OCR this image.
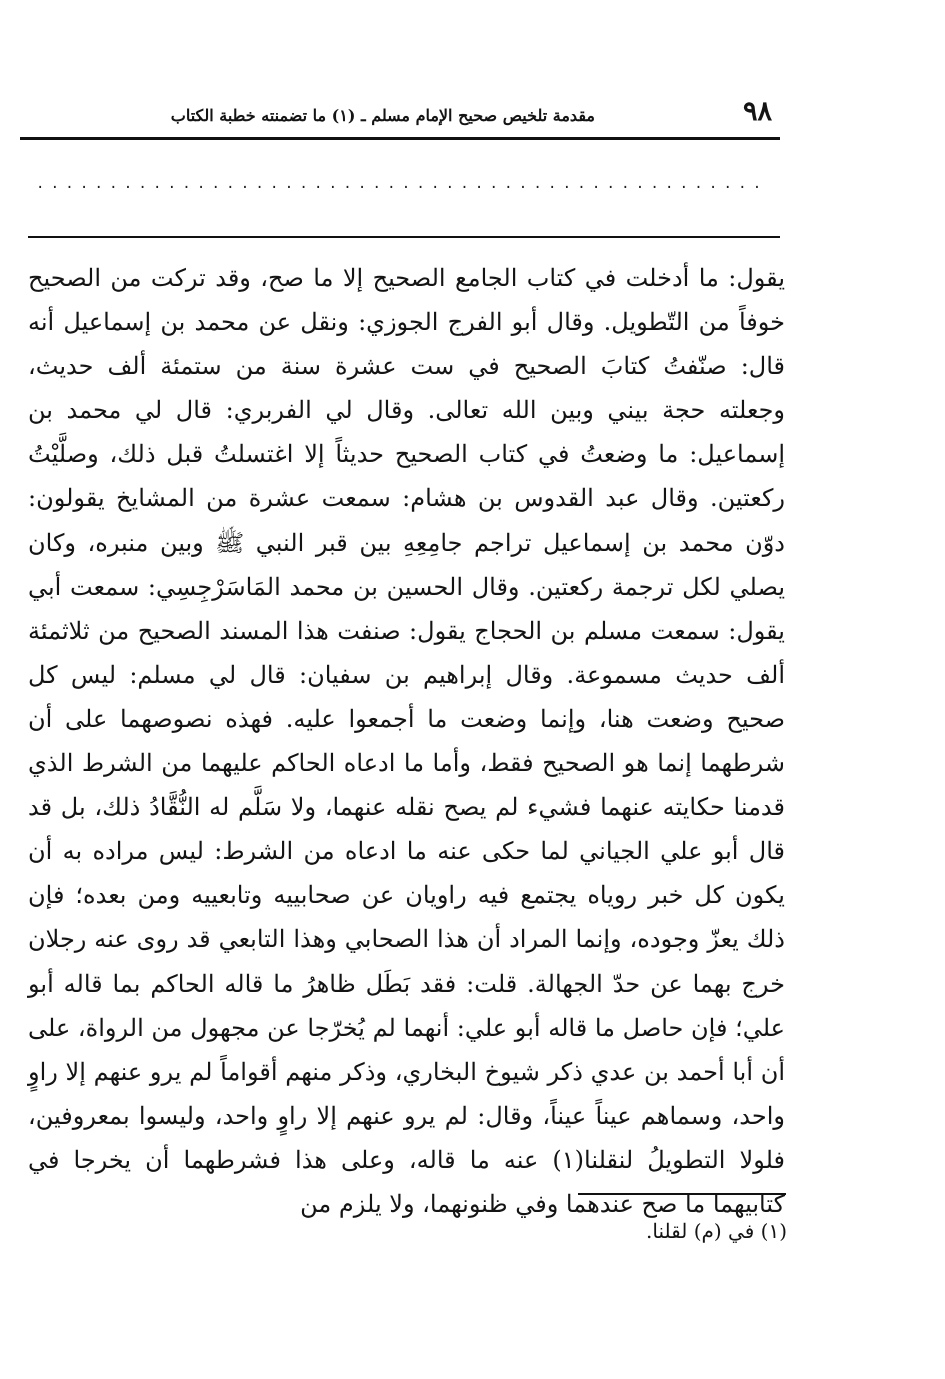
٩٨
مقدمة تلخيص صحيح الإمام مسلم ـ (١) ما تضمنته خطبة الكتاب
..................................................
يقول: ما أدخلت في كتاب الجامع الصحيح إلا ما صح، وقد تركت من الصحيح خوفاً من التّطويل. وقال أبو الفرج الجوزي: ونقل عن محمد بن إسماعيل أنه قال: صنّفتُ كتابَ الصحيح في ست عشرة سنة من ستمئة ألف حديث، وجعلته حجة بيني وبين الله تعالى. وقال لي الفربري: قال لي محمد بن إسماعيل: ما وضعتُ في كتاب الصحيح حديثاً إلا اغتسلتُ قبل ذلك، وصلَّيْتُ ركعتين. وقال عبد القدوس بن هشام: سمعت عشرة من المشايخ يقولون: دوّن محمد بن إسماعيل تراجم جامِعِهِ بين قبر النبي ﷺ وبين منبره، وكان يصلي لكل ترجمة ركعتين. وقال الحسين بن محمد المَاسَرْجِسِي: سمعت أبي يقول: سمعت مسلم بن الحجاج يقول: صنفت هذا المسند الصحيح من ثلاثمئة ألف حديث مسموعة. وقال إبراهيم بن سفيان: قال لي مسلم: ليس كل صحيح وضعت هنا، وإنما وضعت ما أجمعوا عليه. فهذه نصوصهما على أن شرطهما إنما هو الصحيح فقط، وأما ما ادعاه الحاكم عليهما من الشرط الذي قدمنا حكايته عنهما فشيء لم يصح نقله عنهما، ولا سَلَّم له النُّقَّادُ ذلك، بل قد قال أبو علي الجياني لما حكى عنه ما ادعاه من الشرط: ليس مراده به أن يكون كل خبر روياه يجتمع فيه راويان عن صحابييه وتابعييه ومن بعده؛ فإن ذلك يعزّ وجوده، وإنما المراد أن هذا الصحابي وهذا التابعي قد روى عنه رجلان خرج بهما عن حدّ الجهالة. قلت: فقد بَطَل ظاهرُ ما قاله الحاكم بما قاله أبو علي؛ فإن حاصل ما قاله أبو علي: أنهما لم يُخرّجا عن مجهول من الرواة، على أن أبا أحمد بن عدي ذكر شيوخ البخاري، وذكر منهم أقواماً لم يرو عنهم إلا راوٍ واحد، وسماهم عيناً عيناً، وقال: لم يرو عنهم إلا راوٍ واحد، وليسوا بمعروفين، فلولا التطويلُ لنقلنا(١) عنه ما قاله، وعلى هذا فشرطهما أن يخرجا في كتابيهما ما صح عندهما وفي ظنونهما، ولا يلزم من
(١) في (م) لقلنا.
